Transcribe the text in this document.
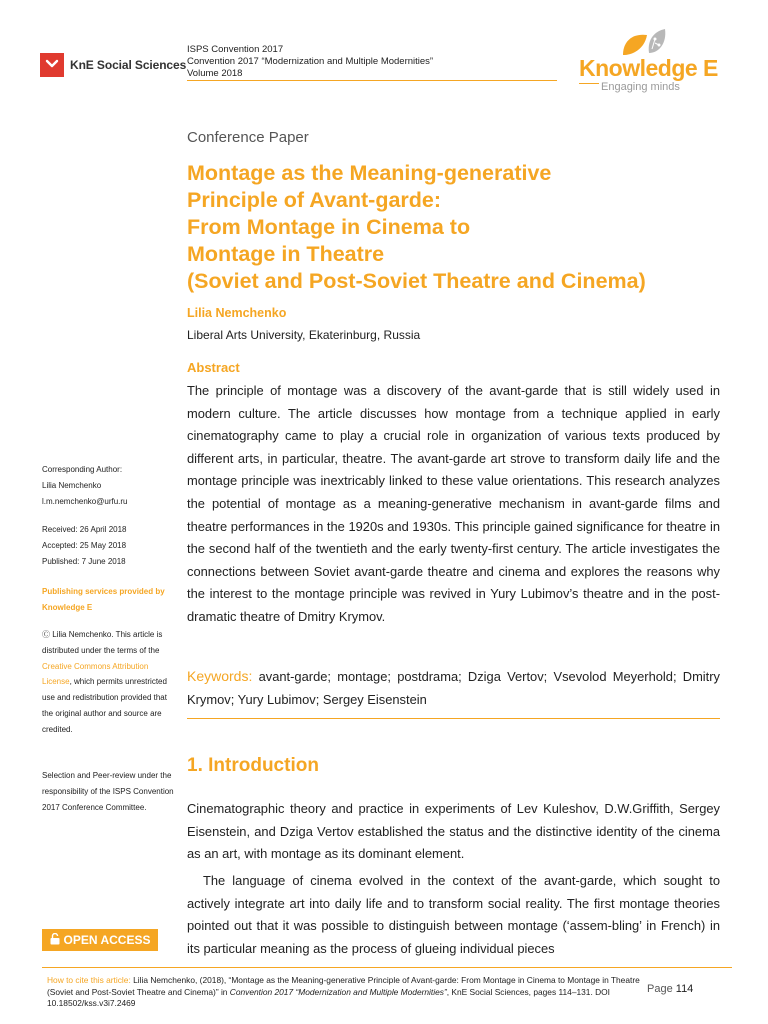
KnE Social Sciences
ISPS Convention 2017
Convention 2017 “Modernization and Multiple Modernities”
Volume 2018	Knowledge E
Engaging minds
Conference Paper
Montage as the Meaning-generative
Principle of Avant-garde:
From Montage in Cinema to
Montage in Theatre
(Soviet and Post-Soviet Theatre and Cinema)
Lilia Nemchenko
Liberal Arts University, Ekaterinburg, Russia
Abstract
The principle of montage was a discovery of the avant-garde that is still widely used in modern culture. The article discusses how montage from a technique applied in early cinematography came to play a crucial role in organization of various texts produced by different arts, in particular, theatre. The avant-garde art strove to transform daily life and the montage principle was inextricably linked to these value orientations. This research analyzes the potential of montage as a meaning-generative mechanism in avant-garde films and theatre performances in the 1920s and 1930s. This principle gained significance for theatre in the second half of the twentieth and the early twenty-first century. The article investigates the connections between Soviet avant-garde theatre and cinema and explores the reasons why the interest to the montage principle was revived in Yury Lubimov’s theatre and in the post-dramatic theatre of Dmitry Krymov.
Keywords: avant-garde; montage; postdrama; Dziga Vertov; Vsevolod Meyerhold; Dmitry Krymov; Yury Lubimov; Sergey Eisenstein
1. Introduction
Cinematographic theory and practice in experiments of Lev Kuleshov, D.W.Griffith, Sergey Eisenstein, and Dziga Vertov established the status and the distinctive identity of the cinema as an art, with montage as its dominant element.
The language of cinema evolved in the context of the avant-garde, which sought to actively integrate art into daily life and to transform social reality. The first montage theories pointed out that it was possible to distinguish between montage (‘assem-bling’ in French) in its particular meaning as the process of glueing individual pieces
Corresponding Author:
Lilia Nemchenko
l.m.nemchenko@urfu.ru
Received: 26 April 2018
Accepted: 25 May 2018
Published: 7 June 2018
Publishing services provided by Knowledge E
Ⓒ Lilia Nemchenko. This article is distributed under the terms of the Creative Commons Attribution License, which permits unrestricted use and redistribution provided that the original author and source are credited.
Selection and Peer-review under the responsibility of the ISPS Convention 2017 Conference Committee.
OPEN ACCESS
How to cite this article: Lilia Nemchenko, (2018), “Montage as the Meaning-generative Principle of Avant-garde: From Montage in Cinema to Montage in Theatre (Soviet and Post-Soviet Theatre and Cinema)” in Convention 2017 “Modernization and Multiple Modernities”, KnE Social Sciences, pages 114–131. DOI 10.18502/kss.v3i7.2469
Page 114
